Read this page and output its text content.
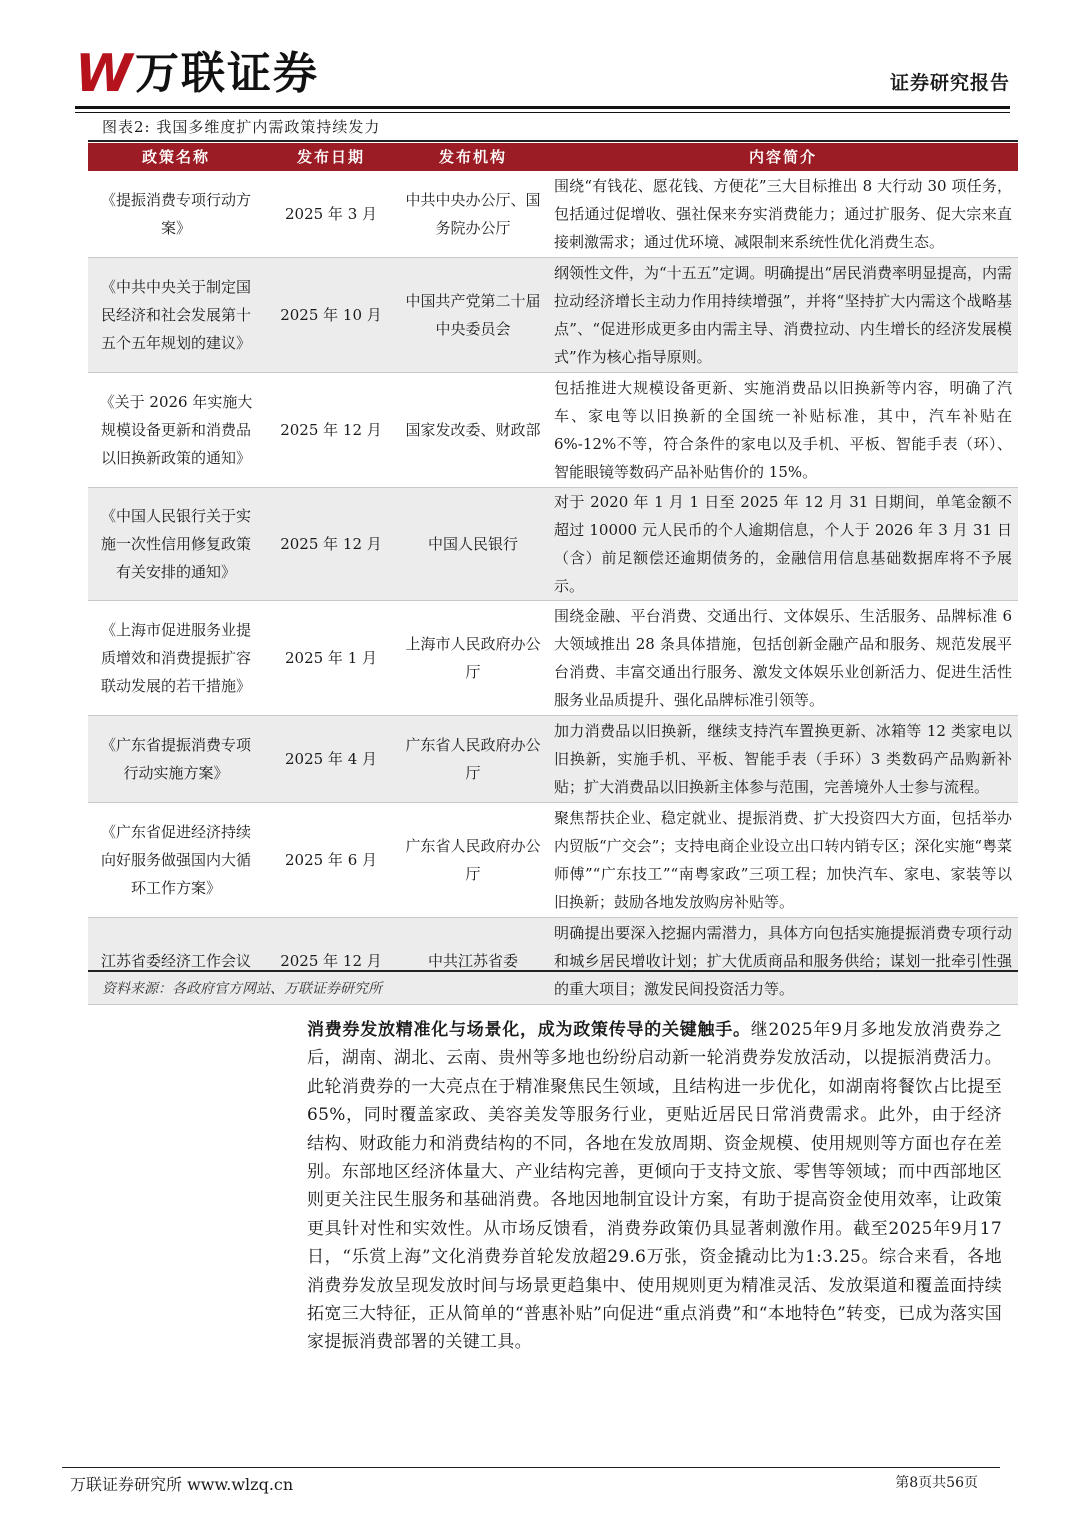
W 万联证券	证券研究报告
图表2: 我国多维度扩内需政策持续发力
政策名称	发布日期	发布机构	内容简介
《提振消费专项行动方案》	2025 年 3 月	中共中央办公厅、国务院办公厅	围绕“有钱花、愿花钱、方便花”三大目标推出 8 大行动 30 项任务，包括通过促增收、强社保来夯实消费能力；通过扩服务、促大宗来直接刺激需求；通过优环境、减限制来系统性优化消费生态。
《中共中央关于制定国民经济和社会发展第十五个五年规划的建议》	2025 年 10 月	中国共产党第二十届中央委员会	纲领性文件，为“十五五”定调。明确提出“居民消费率明显提高，内需拉动经济增长主动力作用持续增强”，并将“坚持扩大内需这个战略基点”、“促进形成更多由内需主导、消费拉动、内生增长的经济发展模式”作为核心指导原则。
《关于 2026 年实施大规模设备更新和消费品以旧换新政策的通知》	2025 年 12 月	国家发改委、财政部	包括推进大规模设备更新、实施消费品以旧换新等内容，明确了汽车、家电等以旧换新的全国统一补贴标准，其中，汽车补贴在 6%-12%不等，符合条件的家电以及手机、平板、智能手表（环）、智能眼镜等数码产品补贴售价的 15%。
《中国人民银行关于实施一次性信用修复政策有关安排的通知》	2025 年 12 月	中国人民银行	对于 2020 年 1 月 1 日至 2025 年 12 月 31 日期间，单笔金额不超过 10000 元人民币的个人逾期信息，个人于 2026 年 3 月 31 日（含）前足额偿还逾期债务的，金融信用信息基础数据库将不予展示。
《上海市促进服务业提质增效和消费提振扩容联动发展的若干措施》	2025 年 1 月	上海市人民政府办公厅	围绕金融、平台消费、交通出行、文体娱乐、生活服务、品牌标准 6 大领域推出 28 条具体措施，包括创新金融产品和服务、规范发展平台消费、丰富交通出行服务、激发文体娱乐业创新活力、促进生活性服务业品质提升、强化品牌标准引领等。
《广东省提振消费专项行动实施方案》	2025 年 4 月	广东省人民政府办公厅	加力消费品以旧换新，继续支持汽车置换更新、冰箱等 12 类家电以旧换新，实施手机、平板、智能手表（手环）3 类数码产品购新补贴；扩大消费品以旧换新主体参与范围，完善境外人士参与流程。
《广东省促进经济持续向好服务做强国内大循环工作方案》	2025 年 6 月	广东省人民政府办公厅	聚焦帮扶企业、稳定就业、提振消费、扩大投资四大方面，包括举办内贸版“广交会”；支持电商企业设立出口转内销专区；深化实施“粤菜师傅”“广东技工”“南粤家政”三项工程；加快汽车、家电、家装等以旧换新；鼓励各地发放购房补贴等。
江苏省委经济工作会议	2025 年 12 月	中共江苏省委	明确提出要深入挖掘内需潜力，具体方向包括实施提振消费专项行动和城乡居民增收计划；扩大优质商品和服务供给；谋划一批牵引性强的重大项目；激发民间投资活力等。
资料来源：各政府官方网站、万联证券研究所
消费券发放精准化与场景化，成为政策传导的关键触手。继2025年9月多地发放消费券之后，湖南、湖北、云南、贵州等多地也纷纷启动新一轮消费券发放活动，以提振消费活力。此轮消费券的一大亮点在于精准聚焦民生领域，且结构进一步优化，如湖南将餐饮占比提至65%，同时覆盖家政、美容美发等服务行业，更贴近居民日常消费需求。此外，由于经济结构、财政能力和消费结构的不同，各地在发放周期、资金规模、使用规则等方面也存在差别。东部地区经济体量大、产业结构完善，更倾向于支持文旅、零售等领域；而中西部地区则更关注民生服务和基础消费。各地因地制宜设计方案，有助于提高资金使用效率，让政策更具针对性和实效性。从市场反馈看，消费券政策仍具显著刺激作用。截至2025年9月17日，“乐赏上海”文化消费券首轮发放超29.6万张，资金撬动比为1:3.25。综合来看，各地消费券发放呈现发放时间与场景更趋集中、使用规则更为精准灵活、发放渠道和覆盖面持续拓宽三大特征，正从简单的“普惠补贴”向促进“重点消费”和“本地特色”转变，已成为落实国家提振消费部署的关键工具。
万联证券研究所 www.wlzq.cn	第8页共56页
